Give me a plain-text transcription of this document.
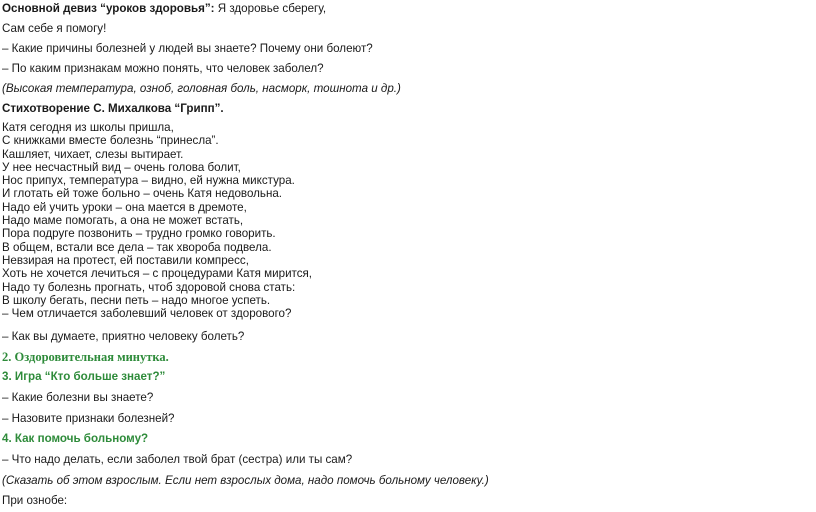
Основной девиз “уроков здоровья”: Я здоровье сберегу,
Сам себе я помогу!
– Какие причины болезней у людей вы знаете? Почему они болеют?
– По каким признакам можно понять, что человек заболел?
(Высокая температура, озноб, головная боль, насморк, тошнота и др.)
Стихотворение С. Михалкова “Грипп”.
Катя сегодня из школы пришла,
С книжками вместе болезнь “принесла”.
Кашляет, чихает, слезы вытирает.
У нее несчастный вид – очень голова болит,
Нос припух, температура – видно, ей нужна микстура.
И глотать ей тоже больно – очень Катя недовольна.
Надо ей учить уроки – она мается в дремоте,
Надо маме помогать, а она не может встать,
Пора подруге позвонить – трудно громко говорить.
В общем, встали все дела – так хвороба подвела.
Невзирая на протест, ей поставили компресс,
Хоть не хочется лечиться – с процедурами Катя мирится,
Надо ту болезнь прогнать, чтоб здоровой снова стать:
В школу бегать, песни петь – надо многое успеть.
– Чем отличается заболевший человек от здорового?
– Как вы думаете, приятно человеку болеть?
2. Оздоровительная минутка.
3. Игра “Кто больше знает?”
– Какие болезни вы знаете?
– Назовите признаки болезней?
4. Как помочь больному?
– Что надо делать, если заболел твой брат (сестра) или ты сам?
(Сказать об этом взрослым. Если нет взрослых дома, надо помочь больному человеку.)
При ознобе:
